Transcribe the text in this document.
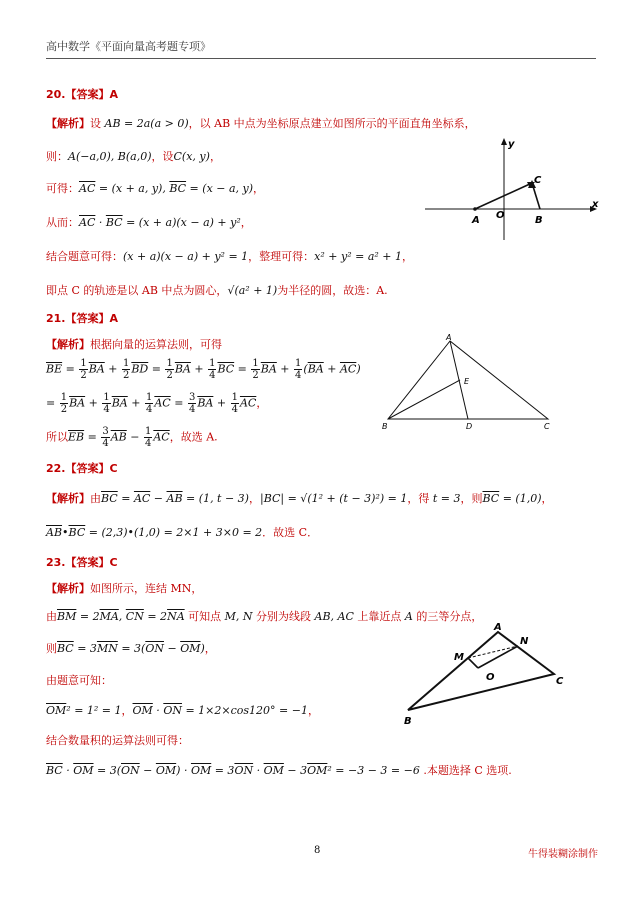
高中数学《平面向量高考题专项》
20.【答案】A
【解析】设 AB = 2a(a > 0)，以 AB 中点为坐标原点建立如图所示的平面直角坐标系，
则：A(−a,0), B(a,0)，设C(x, y)，
可得：$\overline{AC} = (x + a$, y), $\overline{BC} = (x - a$, y)，
从而：$\overline{AC} \cdot \overline{BC} = (x + a)(x - a) + y^2$，
结合题意可得：(x + a)(x − a) + y² = 1，整理可得：x² + y² = a² + 1，
即点 C 的轨迹是以 AB 中点为圆心，√(a² + 1)为半径的圆，故选：A.
y
x
A O	B
C
21.【答案】A
【解析】根据向量的运算法则，可得
$\overline{BE} = \frac{1}{2} \overline{BA} + \frac{1}{2} \overline{BD} = \frac{1}{2} \overline{BA} + \frac{1}{4} \overline{BC} = \frac{1}{2} \overline{BA} + \frac{1}{4} (\overline{BA} + \overline{AC})$
= $\frac{1}{2} \overline{BA} + \frac{1}{4} \overline{BA} + \frac{1}{4} \overline{AC} = \frac{3}{4} \overline{BA} + \frac{1}{4} \overline{AC}$，
所以$\overline{EB} = \frac{3}{4} \overline{AB} - \frac{1}{4} \overline{AC}$，故选 A.
A
E
B	D	C
22.【答案】C
【解析】由$\overline{BC} = \overline{AC} - \overline{AB} = (1$, t − 3)，|BC| = √(1² + (t − 3)²) = 1，得 t = 3，则$\overline{BC} = (1,0)$，
$\overline{AB}•\overline{BC}$ = (2,3)•(1,0) = 2×1 + 3×0 = 2．故选 C．
23.【答案】C
【解析】如图所示，连结 MN，
由$\overline{BM} = 2\overline{MA}$, $\overline{CN} = 2\overline{NA}$ 可知点 M, N 分别为线段 AB, AC 上靠近点 A 的三等分点，
则$\overline{BC} = 3\overline{MN} = 3(\overline{ON} - \overline{OM})$，
由题意可知：
$\overline{OM}^2 = 1^2 = 1$，$\overline{OM} \cdot \overline{ON} = 1\times 2\times\cos 120^\circ = -1$，
结合数量积的运算法则可得：
$\overline{BC} \cdot \overline{OM} = 3(\overline{ON} - \overline{OM}) \cdot \overline{OM} = 3\overline{ON} \cdot \overline{OM} - 3\overline{OM}^2 = -3 - 3 = -6$ .本题选择 C 选项.
A
N
M
O	C
B
8	牛得装糊涂制作
